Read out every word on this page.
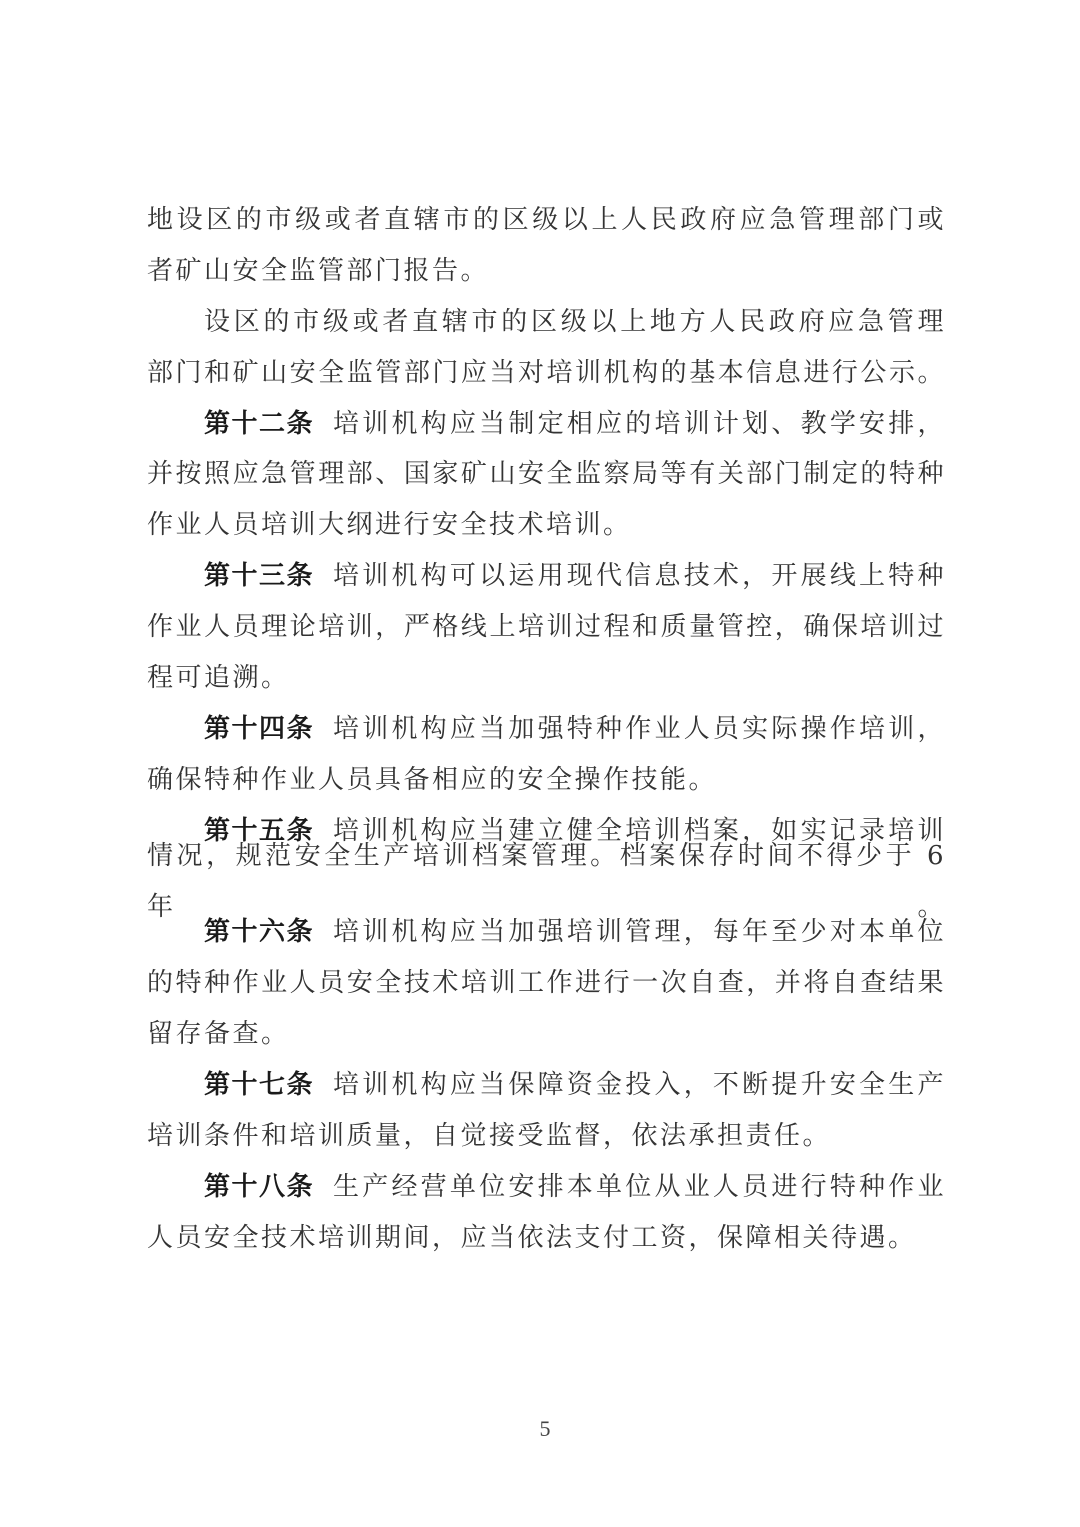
地设区的市级或者直辖市的区级以上人民政府应急管理部门或
者矿山安全监管部门报告。
设区的市级或者直辖市的区级以上地方人民政府应急管理
部门和矿山安全监管部门应当对培训机构的基本信息进行公示。
第十二条 培训机构应当制定相应的培训计划、教学安排，
并按照应急管理部、国家矿山安全监察局等有关部门制定的特种
作业人员培训大纲进行安全技术培训。
第十三条 培训机构可以运用现代信息技术，开展线上特种
作业人员理论培训，严格线上培训过程和质量管控，确保培训过
程可追溯。
第十四条 培训机构应当加强特种作业人员实际操作培训，
确保特种作业人员具备相应的安全操作技能。
第十五条 培训机构应当建立健全培训档案，如实记录培训
情况，规范安全生产培训档案管理。档案保存时间不得少于 6 年。
第十六条 培训机构应当加强培训管理，每年至少对本单位
的特种作业人员安全技术培训工作进行一次自查，并将自查结果
留存备查。
第十七条 培训机构应当保障资金投入，不断提升安全生产
培训条件和培训质量，自觉接受监督，依法承担责任。
第十八条 生产经营单位安排本单位从业人员进行特种作业
人员安全技术培训期间，应当依法支付工资，保障相关待遇。
5
